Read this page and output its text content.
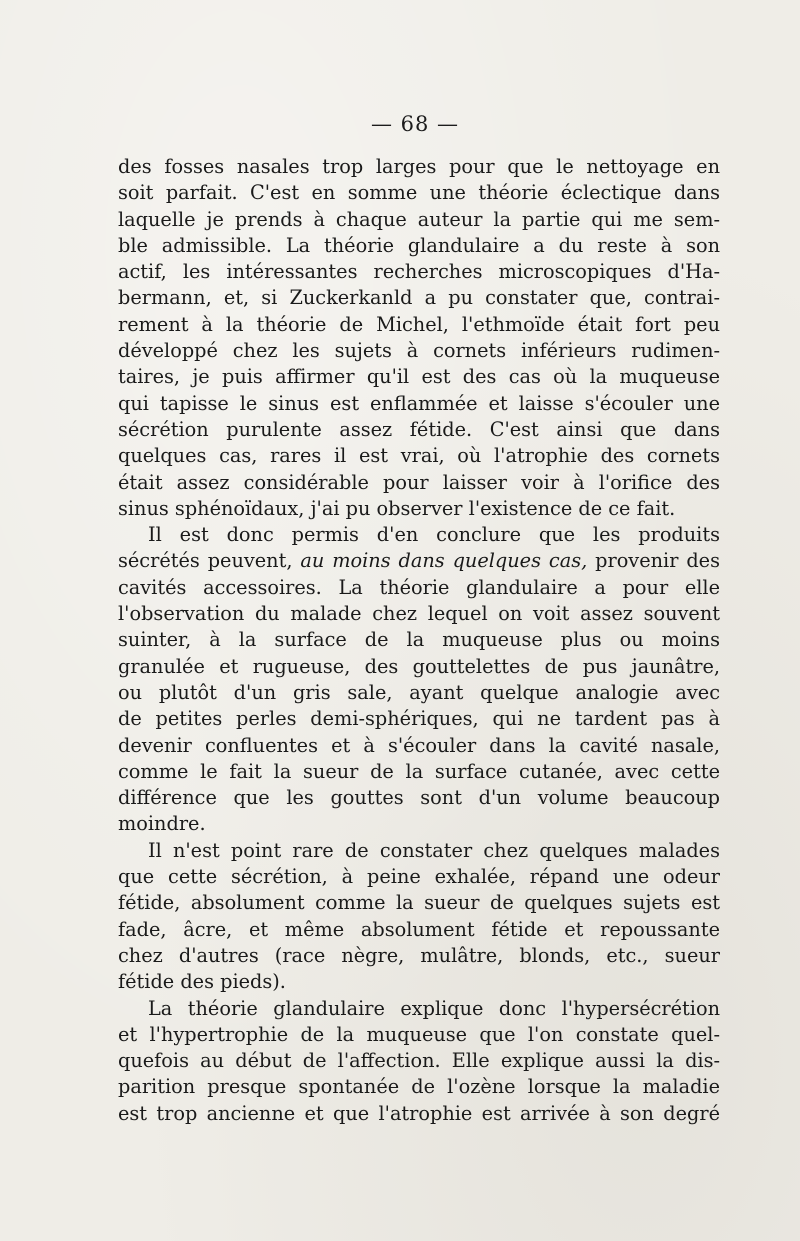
— 68 —
des fosses nasales trop larges pour que le nettoyage en
soit parfait. C'est en somme une théorie éclectique dans
laquelle je prends à chaque auteur la partie qui me sem-
ble admissible. La théorie glandulaire a du reste à son
actif, les intéressantes recherches microscopiques d'Ha-
bermann, et, si Zuckerkanld a pu constater que, contrai-
rement à la théorie de Michel, l'ethmoïde était fort peu
développé chez les sujets à cornets inférieurs rudimen-
taires, je puis affirmer qu'il est des cas où la muqueuse
qui tapisse le sinus est enflammée et laisse s'écouler une
sécrétion purulente assez fétide. C'est ainsi que dans
quelques cas, rares il est vrai, où l'atrophie des cornets
était assez considérable pour laisser voir à l'orifice des
sinus sphénoïdaux, j'ai pu observer l'existence de ce fait.
Il est donc permis d'en conclure que les produits
sécrétés peuvent, au moins dans quelques cas, provenir des
cavités accessoires. La théorie glandulaire a pour elle
l'observation du malade chez lequel on voit assez souvent
suinter, à la surface de la muqueuse plus ou moins
granulée et rugueuse, des gouttelettes de pus jaunâtre,
ou plutôt d'un gris sale, ayant quelque analogie avec
de petites perles demi-sphériques, qui ne tardent pas à
devenir confluentes et à s'écouler dans la cavité nasale,
comme le fait la sueur de la surface cutanée, avec cette
différence que les gouttes sont d'un volume beaucoup
moindre.
Il n'est point rare de constater chez quelques malades
que cette sécrétion, à peine exhalée, répand une odeur
fétide, absolument comme la sueur de quelques sujets est
fade, âcre, et même absolument fétide et repoussante
chez d'autres (race nègre, mulâtre, blonds, etc., sueur
fétide des pieds).
La théorie glandulaire explique donc l'hypersécrétion
et l'hypertrophie de la muqueuse que l'on constate quel-
quefois au début de l'affection. Elle explique aussi la dis-
parition presque spontanée de l'ozène lorsque la maladie
est trop ancienne et que l'atrophie est arrivée à son degré
